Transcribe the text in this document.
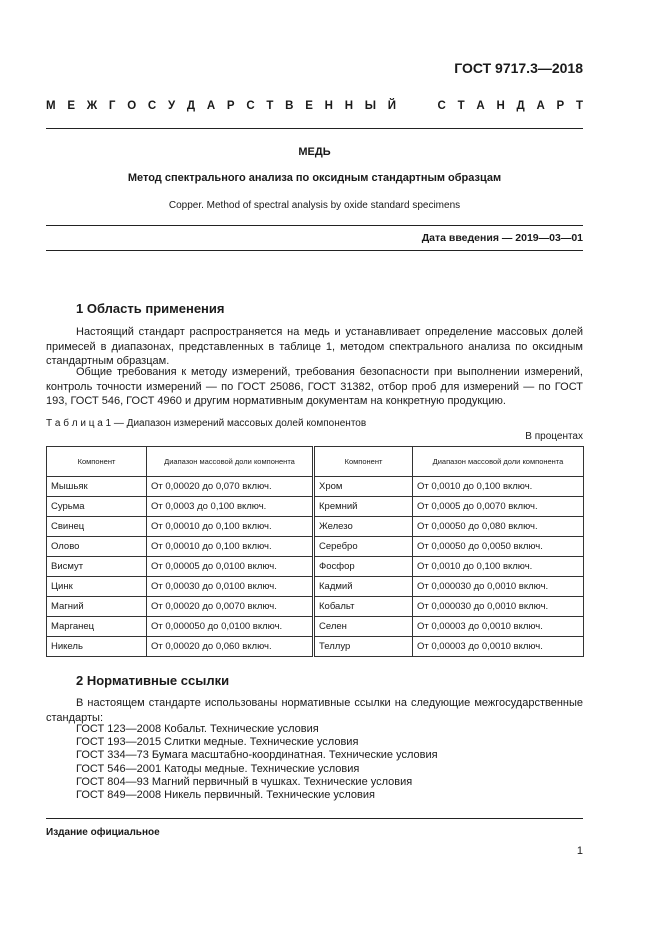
ГОСТ 9717.3—2018
М Е Ж Г О С У Д А Р С Т В Е Н Н Ы Й	С Т А Н Д А Р Т
МЕДЬ
Метод спектрального анализа по оксидным стандартным образцам
Copper. Method of spectral analysis by oxide standard specimens
Дата введения — 2019—03—01
1 Область применения
Настоящий стандарт распространяется на медь и устанавливает определение массовых долей примесей в диапазонах, представленных в таблице 1, методом спектрального анализа по оксидным стандартным образцам.
Общие требования к методу измерений, требования безопасности при выполнении измерений, контроль точности измерений — по ГОСТ 25086, ГОСТ 31382, отбор проб для измерений — по ГОСТ 193, ГОСТ 546, ГОСТ 4960 и другим нормативным документам на конкретную продукцию.
Т а б л и ц а 1 — Диапазон измерений массовых долей компонентов
В процентах
Компонент	Диапазон массовой доли компонента		Компонент	Диапазон массовой доли компонента
Мышьяк	От 0,00020 до 0,070 включ.		Хром	От 0,0010 до 0,100 включ.
Сурьма	От 0,0003 до 0,100 включ.		Кремний	От 0,0005 до 0,0070 включ.
Свинец	От 0,00010 до 0,100 включ.		Железо	От 0,00050 до 0,080 включ.
Олово	От 0,00010 до 0,100 включ.		Серебро	От 0,00050 до 0,0050 включ.
Висмут	От 0,00005 до 0,0100 включ.		Фосфор	От 0,0010 до 0,100 включ.
Цинк	От 0,00030 до 0,0100 включ.		Кадмий	От 0,000030 до 0,0010 включ.
Магний	От 0,00020 до 0,0070 включ.		Кобальт	От 0,000030 до 0,0010 включ.
Марганец	От 0,000050 до 0,0100 включ.		Селен	От 0,00003 до 0,0010 включ.
Никель	От 0,00020 до 0,060 включ.		Теллур	От 0,00003 до 0,0010 включ.
2 Нормативные ссылки
В настоящем стандарте использованы нормативные ссылки на следующие межгосударственные стандарты:
ГОСТ 123—2008 Кобальт. Технические условия
ГОСТ 193—2015 Слитки медные. Технические условия
ГОСТ 334—73 Бумага масштабно-координатная. Технические условия
ГОСТ 546—2001 Катоды медные. Технические условия
ГОСТ 804—93 Магний первичный в чушках. Технические условия
ГОСТ 849—2008 Никель первичный. Технические условия
Издание официальное
1
